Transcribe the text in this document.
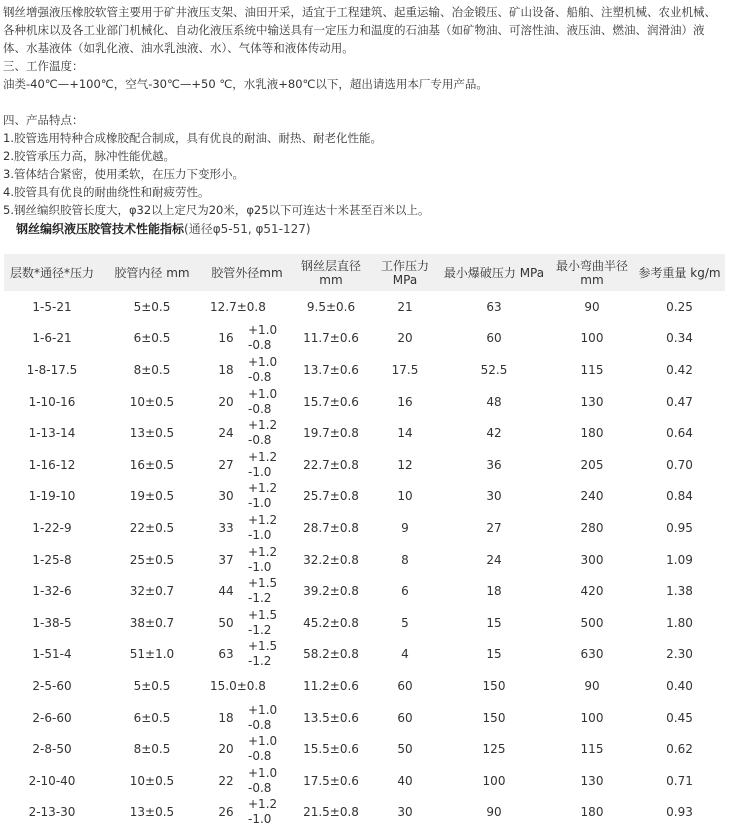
钢丝增强液压橡胶软管主要用于矿井液压支架、油田开采，适宜于工程建筑、起重运输、冶金锻压、矿山设备、船舶、注塑机械、农业机械、
各种机床以及各工业部门机械化、自动化液压系统中输送具有一定压力和温度的石油基（如矿物油、可溶性油、液压油、燃油、润滑油）液
体、水基液体（如乳化液、油水乳浊液、水）、气体等和液体传动用。
三、工作温度：
油类-40℃—+100℃，空气-30℃—+50 ℃，水乳液+80℃以下，超出请选用本厂专用产品。
四、产品特点：
1.胶管选用特种合成橡胶配合制成，具有优良的耐油、耐热、耐老化性能。
2.胶管承压力高，脉冲性能优越。
3.管体结合紧密，使用柔软，在压力下变形小。
4.胶管具有优良的耐曲绕性和耐疲劳性。
5.钢丝编织胶管长度大，φ32以上定尺为20米，φ25以下可连达十米甚至百米以上。
钢丝编织液压胶管技术性能指标(通径φ5-51, φ51-127)
层数*通径*压力	胶管内径 mm	胶管外径mm	钢丝层直径
mm	工作压力
MPa	最小爆破压力 MPa	最小弯曲半径
mm	参考重量 kg/m
1-5-21	5±0.5	12.7±0.8	9.5±0.6	21	63	90	0.25
1-6-21	6±0.5	16
+1.0
-0.8	11.7±0.6	20	60	100	0.34
1-8-17.5	8±0.5	18
+1.0
-0.8	13.7±0.6	17.5	52.5	115	0.42
1-10-16	10±0.5	20
+1.0
-0.8	15.7±0.6	16	48	130	0.47
1-13-14	13±0.5	24
+1.2
-0.8	19.7±0.8	14	42	180	0.64
1-16-12	16±0.5	27
+1.2
-1.0	22.7±0.8	12	36	205	0.70
1-19-10	19±0.5	30
+1.2
-1.0	25.7±0.8	10	30	240	0.84
1-22-9	22±0.5	33
+1.2
-1.0	28.7±0.8	9	27	280	0.95
1-25-8	25±0.5	37
+1.2
-1.0	32.2±0.8	8	24	300	1.09
1-32-6	32±0.7	44
+1.5
-1.2	39.2±0.8	6	18	420	1.38
1-38-5	38±0.7	50
+1.5
-1.2	45.2±0.8	5	15	500	1.80
1-51-4	51±1.0	63
+1.5
-1.2	58.2±0.8	4	15	630	2.30
2-5-60	5±0.5	15.0±0.8	11.2±0.6	60	150	90	0.40
2-6-60	6±0.5	18
+1.0
-0.8	13.5±0.6	60	150	100	0.45
2-8-50	8±0.5	20
+1.0
-0.8	15.5±0.6	50	125	115	0.62
2-10-40	10±0.5	22
+1.0
-0.8	17.5±0.6	40	100	130	0.71
2-13-30	13±0.5	26
+1.2
-1.0	21.5±0.8	30	90	180	0.93
